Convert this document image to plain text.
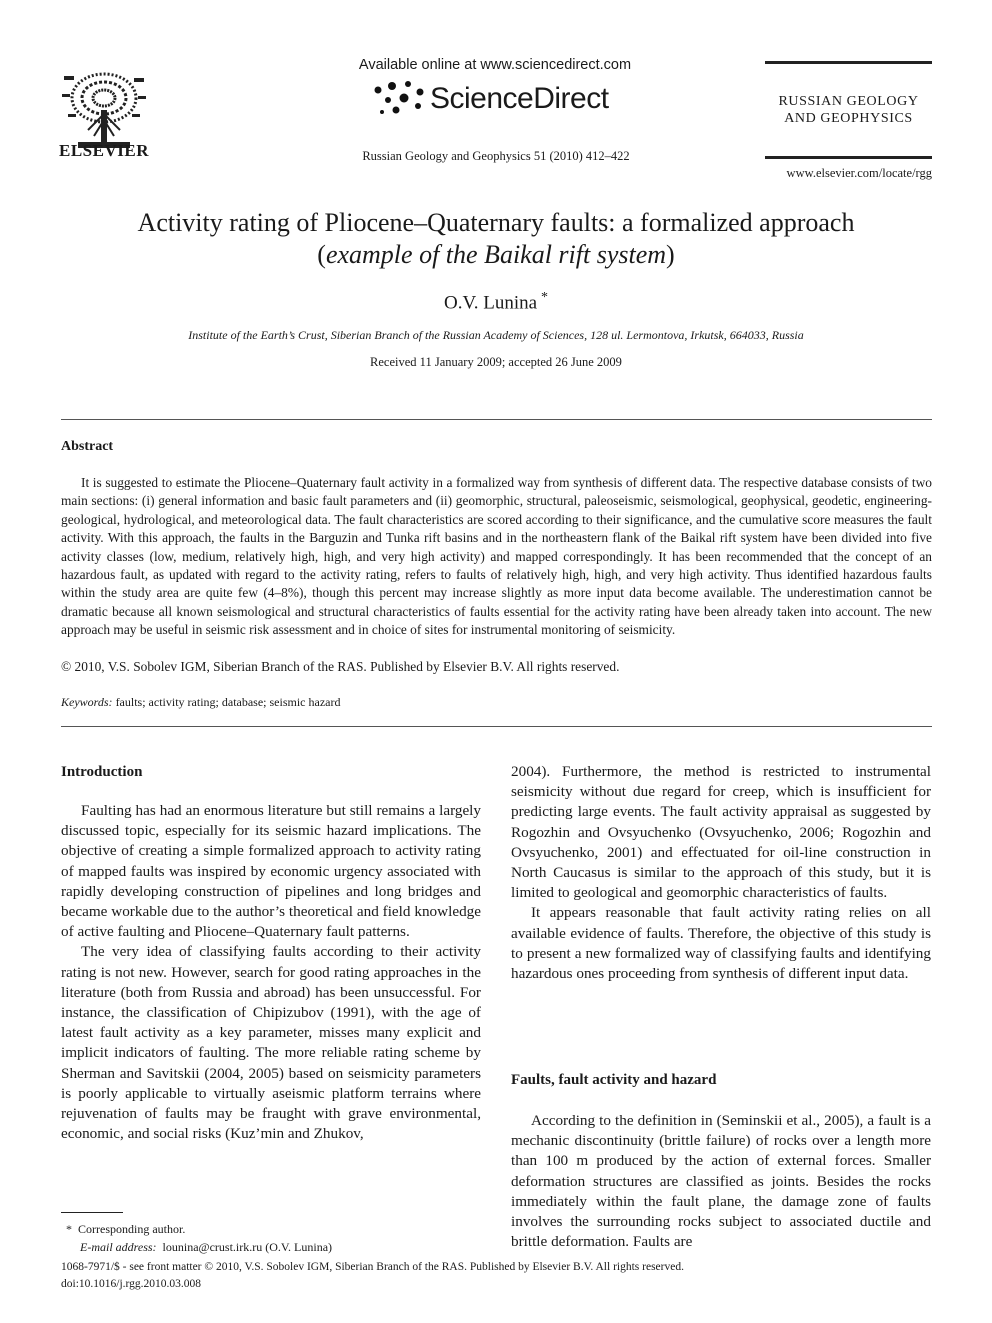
ELSEVIER
Available online at www.sciencedirect.com
ScienceDirect
Russian Geology and Geophysics 51 (2010) 412–422
RUSSIAN GEOLOGY
AND GEOPHYSICS
www.elsevier.com/locate/rgg
Activity rating of Pliocene–Quaternary faults: a formalized approach
(example of the Baikal rift system)
O.V. Lunina *
Institute of the Earth’s Crust, Siberian Branch of the Russian Academy of Sciences, 128 ul. Lermontova, Irkutsk, 664033, Russia
Received 11 January 2009; accepted 26 June 2009
Abstract

It is suggested to estimate the Pliocene–Quaternary fault activity in a formalized way from synthesis of different data. The respective database consists of two main sections: (i) general information and basic fault parameters and (ii) geomorphic, structural, paleoseismic, seismological, geophysical, geodetic, engineering-geological, hydrological, and meteorological data. The fault characteristics are scored according to their significance, and the cumulative score measures the fault activity. With this approach, the faults in the Barguzin and Tunka rift basins and in the northeastern flank of the Baikal rift system have been divided into five activity classes (low, medium, relatively high, high, and very high activity) and mapped correspondingly. It has been recommended that the concept of an hazardous fault, as updated with regard to the activity rating, refers to faults of relatively high, high, and very high activity. Thus identified hazardous faults within the study area are quite few (4–8%), though this percent may increase slightly as more input data become available. The underestimation cannot be dramatic because all known seismological and structural characteristics of faults essential for the activity rating have been already taken into account. The new approach may be useful in seismic risk assessment and in choice of sites for instrumental monitoring of seismicity.

© 2010, V.S. Sobolev IGM, Siberian Branch of the RAS. Published by Elsevier B.V. All rights reserved.
Keywords: faults; activity rating; database; seismic hazard
Introduction

Faulting has had an enormous literature but still remains a largely discussed topic, especially for its seismic hazard implications. The objective of creating a simple formalized approach to activity rating of mapped faults was inspired by economic urgency associated with rapidly developing construction of pipelines and long bridges and became workable due to the author’s theoretical and field knowledge of active faulting and Pliocene–Quaternary fault patterns.

The very idea of classifying faults according to their activity rating is not new. However, search for good rating approaches in the literature (both from Russia and abroad) has been unsuccessful. For instance, the classification of Chipizubov (1991), with the age of latest fault activity as a key parameter, misses many explicit and implicit indicators of faulting. The more reliable rating scheme by Sherman and Savitskii (2004, 2005) based on seismicity parameters is poorly applicable to virtually aseismic platform terrains where rejuvenation of faults may be fraught with grave environmental, economic, and social risks (Kuz’min and Zhukov,

2004). Furthermore, the method is restricted to instrumental seismicity without due regard for creep, which is insufficient for predicting large events. The fault activity appraisal as suggested by Rogozhin and Ovsyuchenko (Ovsyuchenko, 2006; Rogozhin and Ovsyuchenko, 2001) and effectuated for oil-line construction in North Caucasus is similar to the approach of this study, but it is limited to geological and geomorphic characteristics of faults.

It appears reasonable that fault activity rating relies on all available evidence of faults. Therefore, the objective of this study is to present a new formalized way of classifying faults and identifying hazardous ones proceeding from synthesis of different input data.

Faults, fault activity and hazard

According to the definition in (Seminskii et al., 2005), a fault is a mechanic discontinuity (brittle failure) of rocks over a length more than 100 m produced by the action of external forces. Smaller deformation structures are classified as joints. Besides the rocks immediately within the fault plane, the damage zone of faults involves the surrounding rocks subject to associated ductile and brittle deformation. Faults are

* Corresponding author.
E-mail address: lounina@crust.irk.ru (O.V. Lunina)
1068-7971/$ - see front matter © 2010, V.S. Sobolev IGM, Siberian Branch of the RAS. Published by Elsevier B.V. All rights reserved.
doi:10.1016/j.rgg.2010.03.008
